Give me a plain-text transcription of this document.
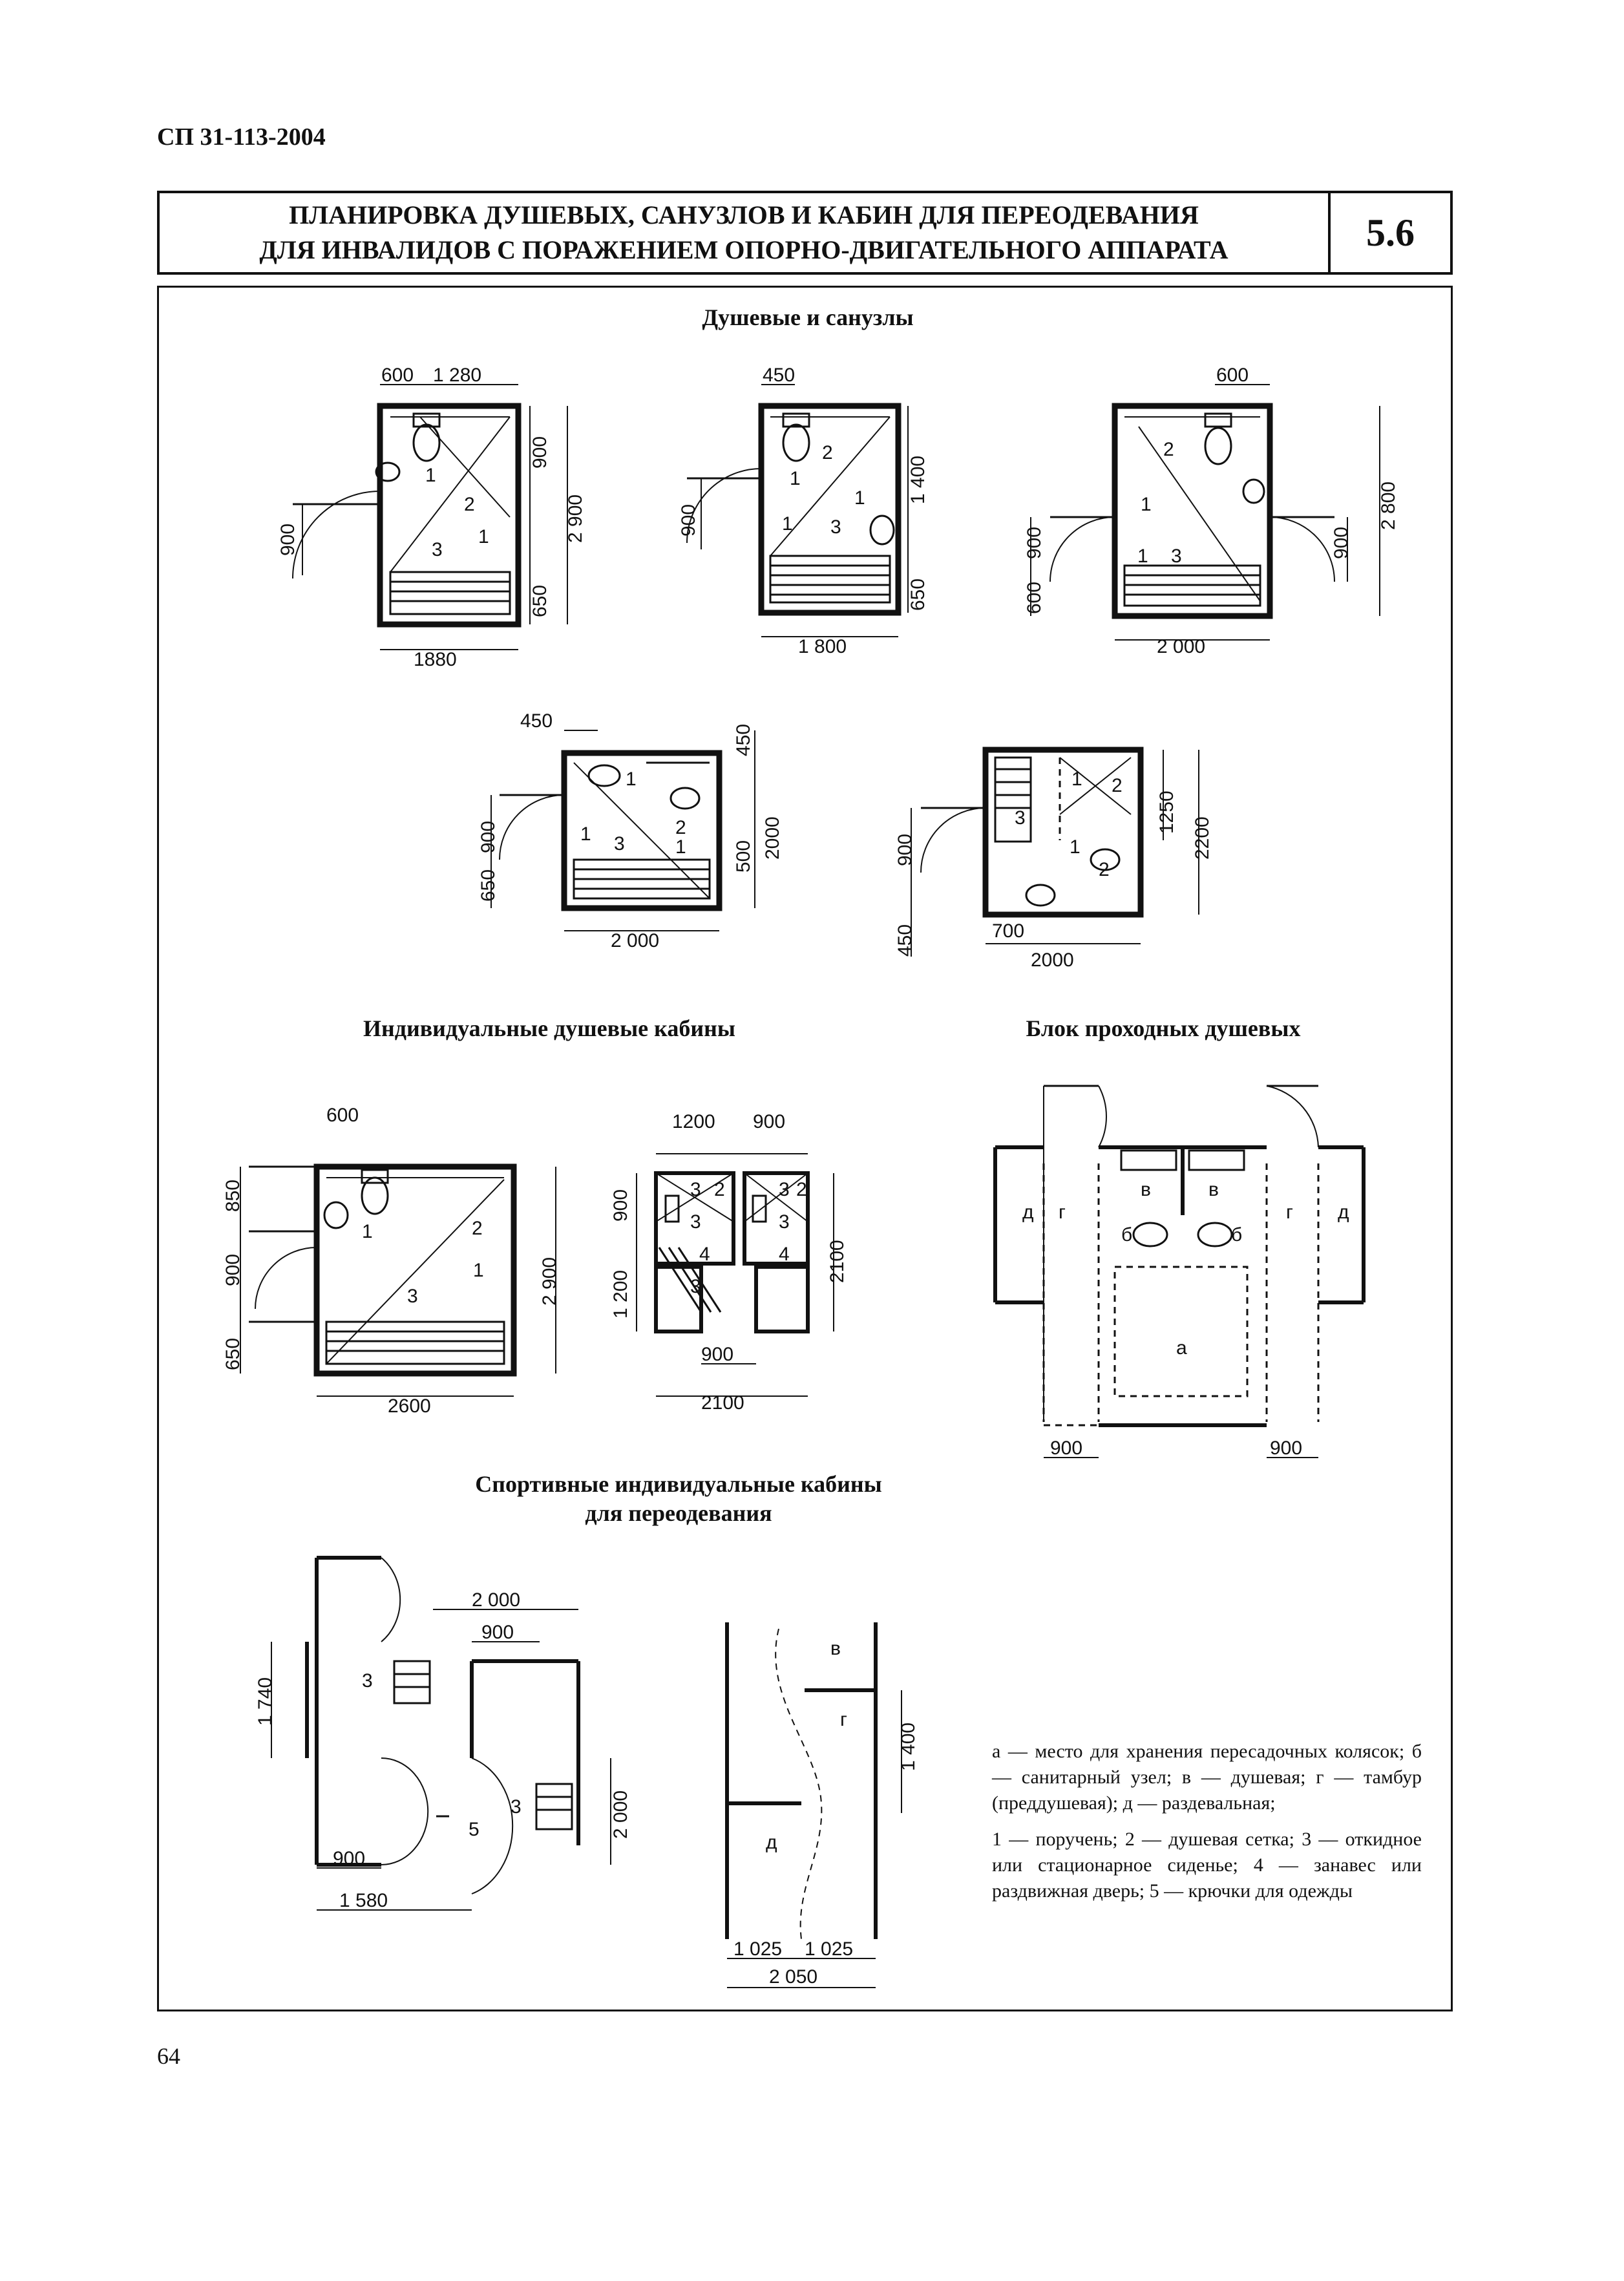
СП 31-113-2004
ПЛАНИРОВКА ДУШЕВЫХ, САНУЗЛОВ И КАБИН ДЛЯ ПЕРЕОДЕВАНИЯ
ДЛЯ ИНВАЛИДОВ С ПОРАЖЕНИЕМ ОПОРНО-ДВИГАТЕЛЬНОГО АППАРАТА	5.6
Душевые и санузлы
Индивидуальные душевые кабины	Блок проходных душевых
Спортивные индивидуальные кабины
для переодевания
600 1 280
900
2 900
650
900
1880
1
2
1
3
450
1 400
650
900
1 800
1
2
1
1 3
600
900
2 800
900
600
2 000
2
1
1 3
450
450
500 2000
900
650
2 000
1
2
1
1 3
1250
2200
900
450	700
2000
1 2
3
1
2
600
850
900
650
2 900
2600
1	2
1
3
1200 900
900
1 200
2100
900
2100
3 2
3
4
3
3 2
3
4
д г
в	в
б	б
а
г д
900	900
2 000
900
1 740
2 000
900
1 580
3
3
5
в
г
д
1 400
1 025 1 025
2 050

а — место для хранения пересадочных колясок; б — санитарный узел; в — душевая; г — тамбур (преддушевая); д — раздевальная;

1 — поручень; 2 — душевая сетка; 3 — откидное или стационарное сиденье; 4 — занавес или раздвижная дверь; 5 — крючки для одежды

64
